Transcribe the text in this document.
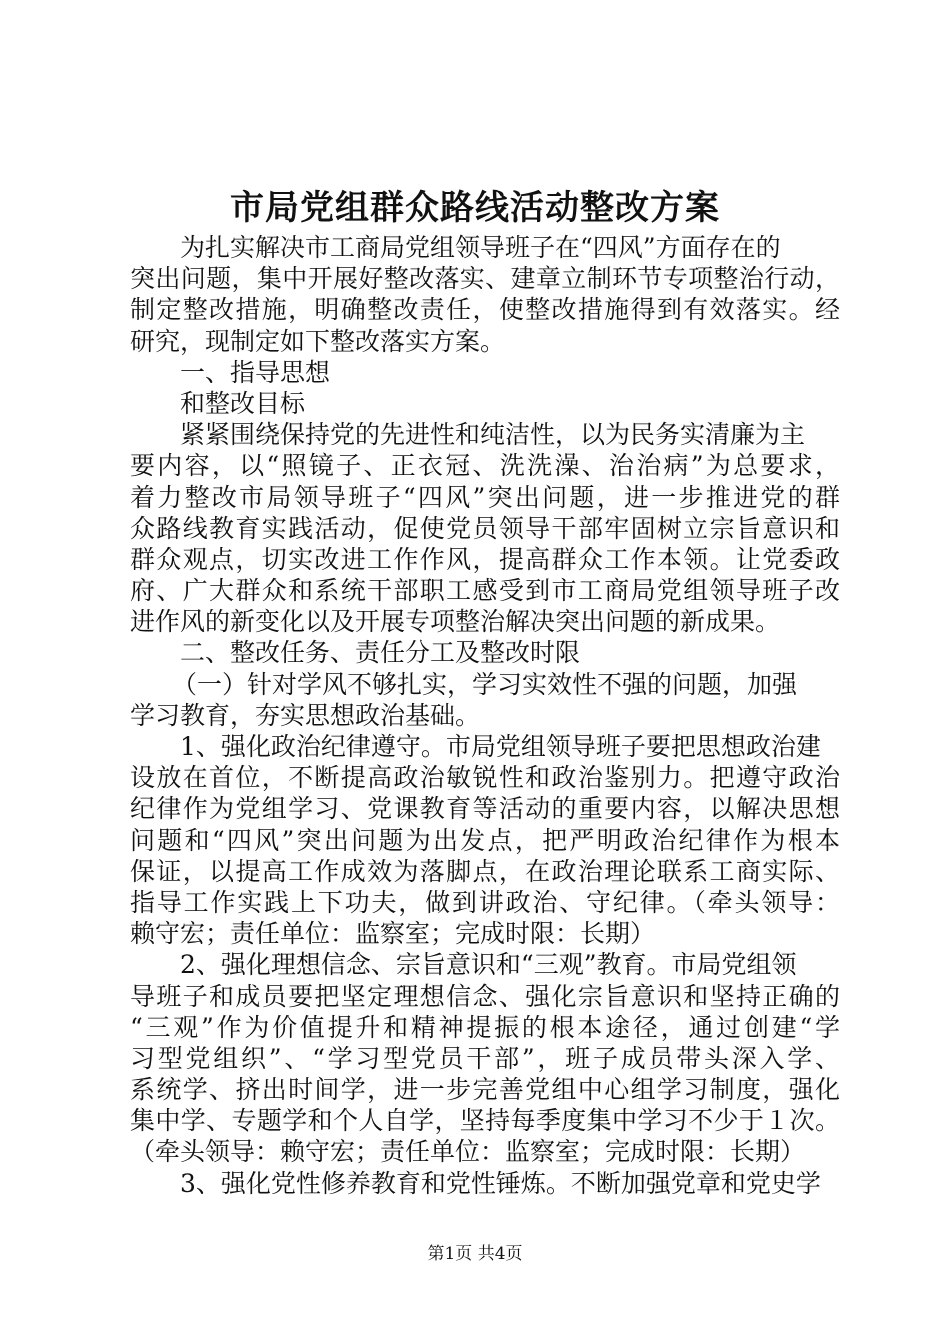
市局党组群众路线活动整改方案
为扎实解决市工商局党组领导班子在“四风”方面存在的
突出问题，集中开展好整改落实、建章立制环节专项整治行动，
制定整改措施，明确整改责任，使整改措施得到有效落实。经
研究，现制定如下整改落实方案。
一、指导思想
和整改目标
紧紧围绕保持党的先进性和纯洁性，以为民务实清廉为主
要内容，以“照镜子、正衣冠、洗洗澡、治治病”为总要求，
着力整改市局领导班子“四风”突出问题，进一步推进党的群
众路线教育实践活动，促使党员领导干部牢固树立宗旨意识和
群众观点，切实改进工作作风，提高群众工作本领。让党委政
府、广大群众和系统干部职工感受到市工商局党组领导班子改
进作风的新变化以及开展专项整治解决突出问题的新成果。
二、整改任务、责任分工及整改时限
（一）针对学风不够扎实，学习实效性不强的问题，加强
学习教育，夯实思想政治基础。
1、强化政治纪律遵守。市局党组领导班子要把思想政治建
设放在首位，不断提高政治敏锐性和政治鉴别力。把遵守政治
纪律作为党组学习、党课教育等活动的重要内容，以解决思想
问题和“四风”突出问题为出发点，把严明政治纪律作为根本
保证，以提高工作成效为落脚点，在政治理论联系工商实际、
指导工作实践上下功夫，做到讲政治、守纪律。（牵头领导：
赖守宏；责任单位：监察室；完成时限：长期）
2、强化理想信念、宗旨意识和“三观”教育。市局党组领
导班子和成员要把坚定理想信念、强化宗旨意识和坚持正确的
“三观”作为价值提升和精神提振的根本途径，通过创建“学
习型党组织”、“学习型党员干部”，班子成员带头深入学、
系统学、挤出时间学，进一步完善党组中心组学习制度，强化
集中学、专题学和个人自学，坚持每季度集中学习不少于１次。
（牵头领导：赖守宏；责任单位：监察室；完成时限：长期）
3、强化党性修养教育和党性锤炼。不断加强党章和党史学
第1页 共4页
